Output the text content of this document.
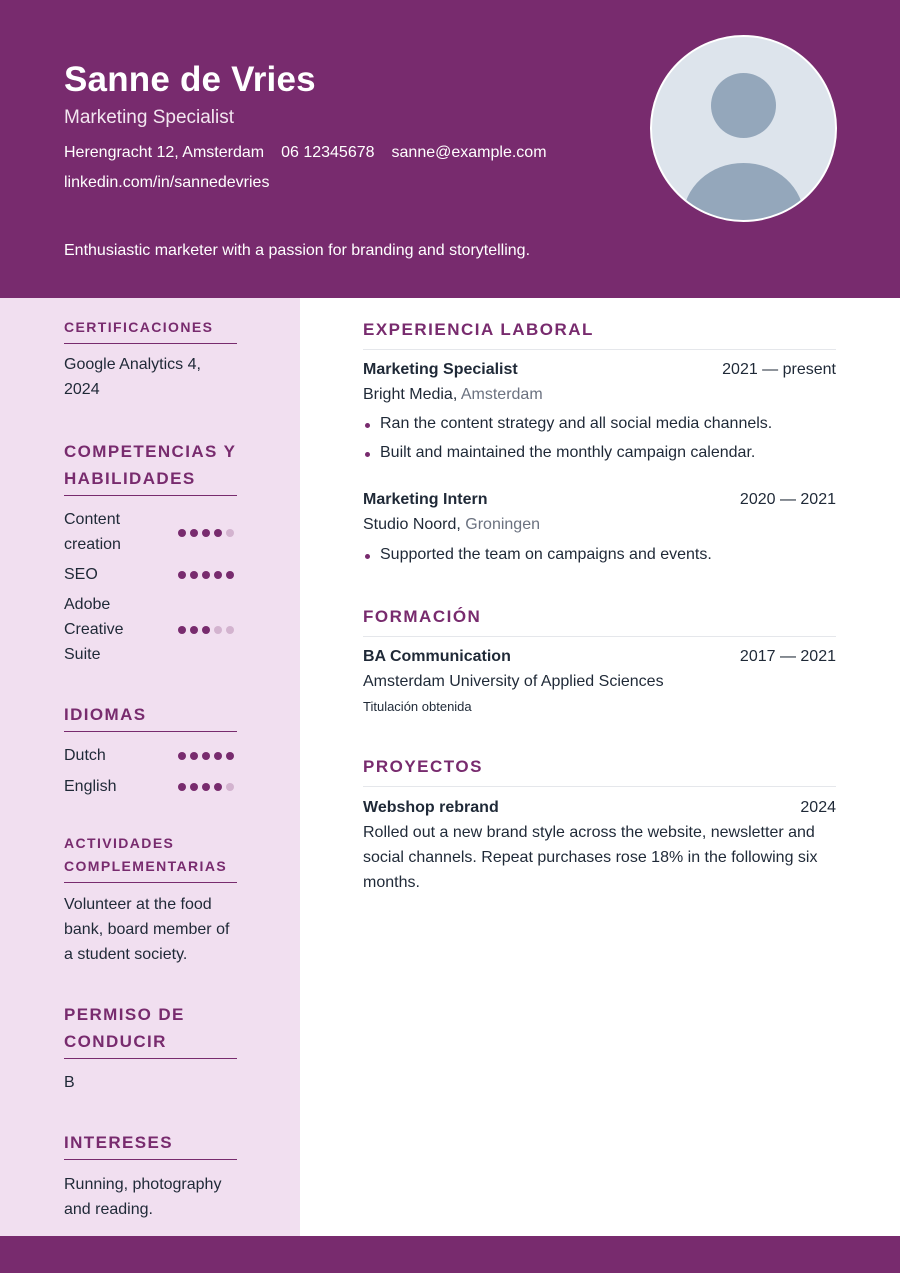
Sanne de Vries
Marketing Specialist
Herengracht 12, Amsterdam 06 12345678 sanne@example.com
linkedin.com/in/sannedevries
Enthusiastic marketer with a passion for branding and storytelling.
CERTIFICACIONES
Google Analytics 4, 2024
COMPETENCIAS Y HABILIDADES
Content creation
SEO
Adobe Creative Suite
IDIOMAS
Dutch
English
ACTIVIDADES COMPLEMENTARIAS
Volunteer at the food bank, board member of a student society.
PERMISO DE CONDUCIR
B
INTERESES
Running, photography and reading.
EXPERIENCIA LABORAL
Marketing Specialist	2021 — present
Bright Media, Amsterdam
Ran the content strategy and all social media channels.
Built and maintained the monthly campaign calendar.
Marketing Intern	2020 — 2021
Studio Noord, Groningen
Supported the team on campaigns and events.
FORMACIÓN
BA Communication	2017 — 2021
Amsterdam University of Applied Sciences
Titulación obtenida
PROYECTOS
Webshop rebrand	2024
Rolled out a new brand style across the website, newsletter and social channels. Repeat purchases rose 18% in the following six months.
